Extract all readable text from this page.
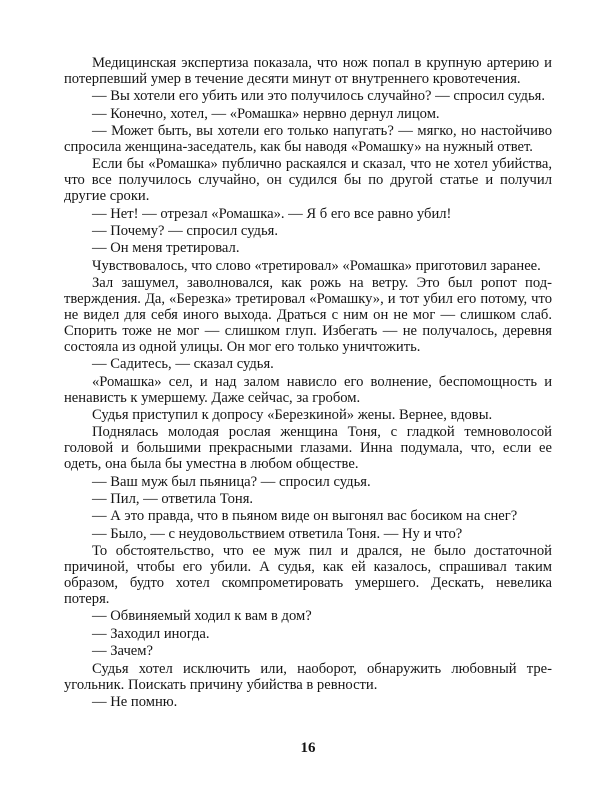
Медицинская экспертиза показала, что нож попал в крупную артерию и потерпевший умер в течение десяти минут от внутреннего кровотечения.

— Вы хотели его убить или это получилось случайно? — спросил судья.

— Конечно, хотел, — «Ромашка» нервно дернул лицом.

— Может быть, вы хотели его только напугать? — мягко, но настойчиво спросила женщина-заседатель, как бы наводя «Ромашку» на нужный ответ.

Если бы «Ромашка» публично раскаялся и сказал, что не хотел убийства, что все получилось случайно, он судился бы по другой статье и получил другие сроки.

— Нет! — отрезал «Ромашка». — Я б его все равно убил!

— Почему? — спросил судья.

— Он меня третировал.

Чувствовалось, что слово «третировал» «Ромашка» приготовил заранее.

Зал зашумел, заволновался, как рожь на ветру. Это был ропот подтверждения. Да, «Березка» третировал «Ромашку», и тот убил его потому, что не видел для себя иного выхода. Драться с ним он не мог — слишком слаб. Спорить тоже не мог — слишком глуп. Избегать — не получалось, деревня состояла из одной улицы. Он мог его только уничтожить.

— Садитесь, — сказал судья.

«Ромашка» сел, и над залом нависло его волнение, беспомощность и ненависть к умершему. Даже сейчас, за гробом.

Судья приступил к допросу «Березкиной» жены. Вернее, вдовы.

Поднялась молодая рослая женщина Тоня, с гладкой темноволосой головой и большими прекрасными глазами. Инна подумала, что, если ее одеть, она была бы уместна в любом обществе.

— Ваш муж был пьяница? — спросил судья.

— Пил, — ответила Тоня.

— А это правда, что в пьяном виде он выгонял вас босиком на снег?

— Было, — с неудовольствием ответила Тоня. — Ну и что?

То обстоятельство, что ее муж пил и дрался, не было достаточной причиной, чтобы его убили. А судья, как ей казалось, спрашивал таким образом, будто хотел скомпрометировать умершего. Дескать, невелика потеря.

— Обвиняемый ходил к вам в дом?

— Заходил иногда.

— Зачем?

Судья хотел исключить или, наоборот, обнаружить любовный треугольник. Поискать причину убийства в ревности.

— Не помню.

16
